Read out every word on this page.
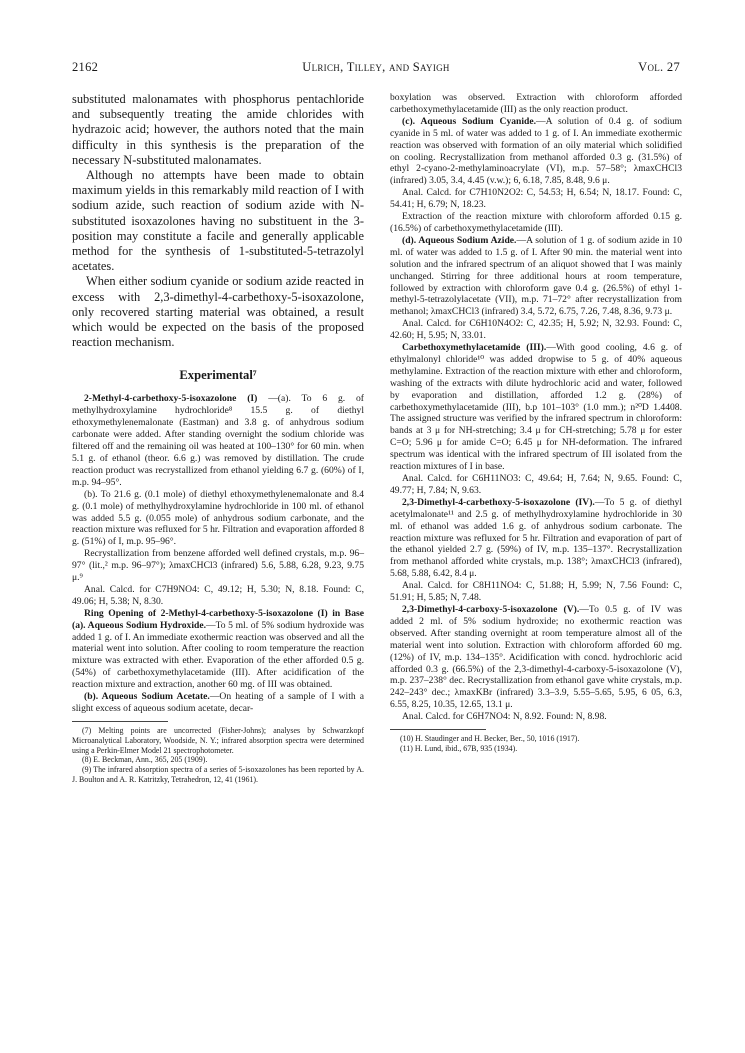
2162	Ulrich, Tilley, and Sayigh	Vol. 27

substituted malonamates with phosphorus pentachloride and subsequently treating the amide chlorides with hydrazoic acid; however, the authors noted that the main difficulty in this synthesis is the preparation of the necessary N-substituted malonamates.

Although no attempts have been made to obtain maximum yields in this remarkably mild reaction of I with sodium azide, such reaction of sodium azide with N-substituted isoxazolones having no substituent in the 3- position may constitute a facile and generally applicable method for the synthesis of 1-substituted-5-tetrazolyl acetates.

When either sodium cyanide or sodium azide reacted in excess with 2,3-dimethyl-4-carbethoxy-5-isoxazolone, only recovered starting material was obtained, a result which would be expected on the basis of the proposed reaction mechanism.

Experimental⁷

2-Methyl-4-carbethoxy-5-isoxazolone (I) —(a). To 6 g. of methylhydroxylamine hydrochloride⁸ 15.5 g. of diethyl ethoxymethylenemalonate (Eastman) and 3.8 g. of anhydrous sodium carbonate were added. After standing overnight the sodium chloride was filtered off and the remaining oil was heated at 100–130° for 60 min. when 5.1 g. of ethanol (theor. 6.6 g.) was removed by distillation. The crude reaction product was recrystallized from ethanol yielding 6.7 g. (60%) of I, m.p. 94–95°.

(b). To 21.6 g. (0.1 mole) of diethyl ethoxymethylenemalonate and 8.4 g. (0.1 mole) of methylhydroxylamine hydrochloride in 100 ml. of ethanol was added 5.5 g. (0.055 mole) of anhydrous sodium carbonate, and the reaction mixture was refluxed for 5 hr. Filtration and evaporation afforded 8 g. (51%) of I, m.p. 95–96°.

Recrystallization from benzene afforded well defined crystals, m.p. 96–97° (lit.,² m.p. 96–97°); λmaxCHCl3 (infrared) 5.6, 5.88, 6.28, 9.23, 9.75 μ.⁹

Anal. Calcd. for C7H9NO4: C, 49.12; H, 5.30; N, 8.18. Found: C, 49.06; H, 5.38; N, 8.30.

Ring Opening of 2-Methyl-4-carbethoxy-5-isoxazolone (I) in Base (a). Aqueous Sodium Hydroxide.—To 5 ml. of 5% sodium hydroxide was added 1 g. of I. An immediate exothermic reaction was observed and all the material went into solution. After cooling to room temperature the reaction mixture was extracted with ether. Evaporation of the ether afforded 0.5 g. (54%) of carbethoxymethylacetamide (III). After acidification of the reaction mixture and extraction, another 60 mg. of III was obtained.

(b). Aqueous Sodium Acetate.—On heating of a sample of I with a slight excess of aqueous sodium acetate, decar-

(7) Melting points are uncorrected (Fisher-Johns); analyses by Schwarzkopf Microanalytical Laboratory, Woodside, N. Y.; infrared absorption spectra were determined using a Perkin-Elmer Model 21 spectrophotometer.

(8) E. Beckman, Ann., 365, 205 (1909).

(9) The infrared absorption spectra of a series of 5-isoxazolones has been reported by A. J. Boulton and A. R. Katritzky, Tetrahedron, 12, 41 (1961).

boxylation was observed. Extraction with chloroform afforded carbethoxymethylacetamide (III) as the only reaction product.

(c). Aqueous Sodium Cyanide.—A solution of 0.4 g. of sodium cyanide in 5 ml. of water was added to 1 g. of I. An immediate exothermic reaction was observed with formation of an oily material which solidified on cooling. Recrystallization from methanol afforded 0.3 g. (31.5%) of ethyl 2-cyano-2-methylaminoacrylate (VI), m.p. 57–58°; λmaxCHCl3 (infrared) 3.05, 3.4, 4.45 (v.w.); 6, 6.18, 7.85, 8.48, 9.6 μ.

Anal. Calcd. for C7H10N2O2: C, 54.53; H, 6.54; N, 18.17. Found: C, 54.41; H, 6.79; N, 18.23.

Extraction of the reaction mixture with chloroform afforded 0.15 g. (16.5%) of carbethoxymethylacetamide (III).

(d). Aqueous Sodium Azide.—A solution of 1 g. of sodium azide in 10 ml. of water was added to 1.5 g. of I. After 90 min. the material went into solution and the infrared spectrum of an aliquot showed that I was mainly unchanged. Stirring for three additional hours at room temperature, followed by extraction with chloroform gave 0.4 g. (26.5%) of ethyl 1-methyl-5-tetrazolylacetate (VII), m.p. 71–72° after recrystallization from methanol; λmaxCHCl3 (infrared) 3.4, 5.72, 6.75, 7.26, 7.48, 8.36, 9.73 μ.

Anal. Calcd. for C6H10N4O2: C, 42.35; H, 5.92; N, 32.93. Found: C, 42.60; H, 5.95; N, 33.01.

Carbethoxymethylacetamide (III).—With good cooling, 4.6 g. of ethylmalonyl chloride¹⁰ was added dropwise to 5 g. of 40% aqueous methylamine. Extraction of the reaction mixture with ether and chloroform, washing of the extracts with dilute hydrochloric acid and water, followed by evaporation and distillation, afforded 1.2 g. (28%) of carbethoxymethylacetamide (III), b.p 101–103° (1.0 mm.); n²⁰D 1.4408. The assigned structure was verified by the infrared spectrum in chloroform: bands at 3 μ for NH-stretching; 3.4 μ for CH-stretching; 5.78 μ for ester C=O; 5.96 μ for amide C=O; 6.45 μ for NH-deformation. The infrared spectrum was identical with the infrared spectrum of III isolated from the reaction mixtures of I in base.

Anal. Calcd. for C6H11NO3: C, 49.64; H, 7.64; N, 9.65. Found: C, 49.77; H, 7.84; N, 9.63.

2,3-Dimethyl-4-carbethoxy-5-isoxazolone (IV).—To 5 g. of diethyl acetylmalonate¹¹ and 2.5 g. of methylhydroxylamine hydrochloride in 30 ml. of ethanol was added 1.6 g. of anhydrous sodium carbonate. The reaction mixture was refluxed for 5 hr. Filtration and evaporation of part of the ethanol yielded 2.7 g. (59%) of IV, m.p. 135–137°. Recrystallization from methanol afforded white crystals, m.p. 138°; λmaxCHCl3 (infrared), 5.68, 5.88, 6.42, 8.4 μ.

Anal. Calcd. for C8H11NO4: C, 51.88; H, 5.99; N, 7.56 Found: C, 51.91; H, 5.85; N, 7.48.

2,3-Dimethyl-4-carboxy-5-isoxazolone (V).—To 0.5 g. of IV was added 2 ml. of 5% sodium hydroxide; no exothermic reaction was observed. After standing overnight at room temperature almost all of the material went into solution. Extraction with chloroform afforded 60 mg. (12%) of IV, m.p. 134–135°. Acidification with concd. hydrochloric acid afforded 0.3 g. (66.5%) of the 2,3-dimethyl-4-carboxy-5-isoxazolone (V), m.p. 237–238° dec. Recrystallization from ethanol gave white crystals, m.p. 242–243° dec.; λmaxKBr (infrared) 3.3–3.9, 5.55–5.65, 5.95, 6 05, 6.3, 6.55, 8.25, 10.35, 12.65, 13.1 μ.

Anal. Calcd. for C6H7NO4: N, 8.92. Found: N, 8.98.

(10) H. Staudinger and H. Becker, Ber., 50, 1016 (1917).

(11) H. Lund, ibid., 67B, 935 (1934).
